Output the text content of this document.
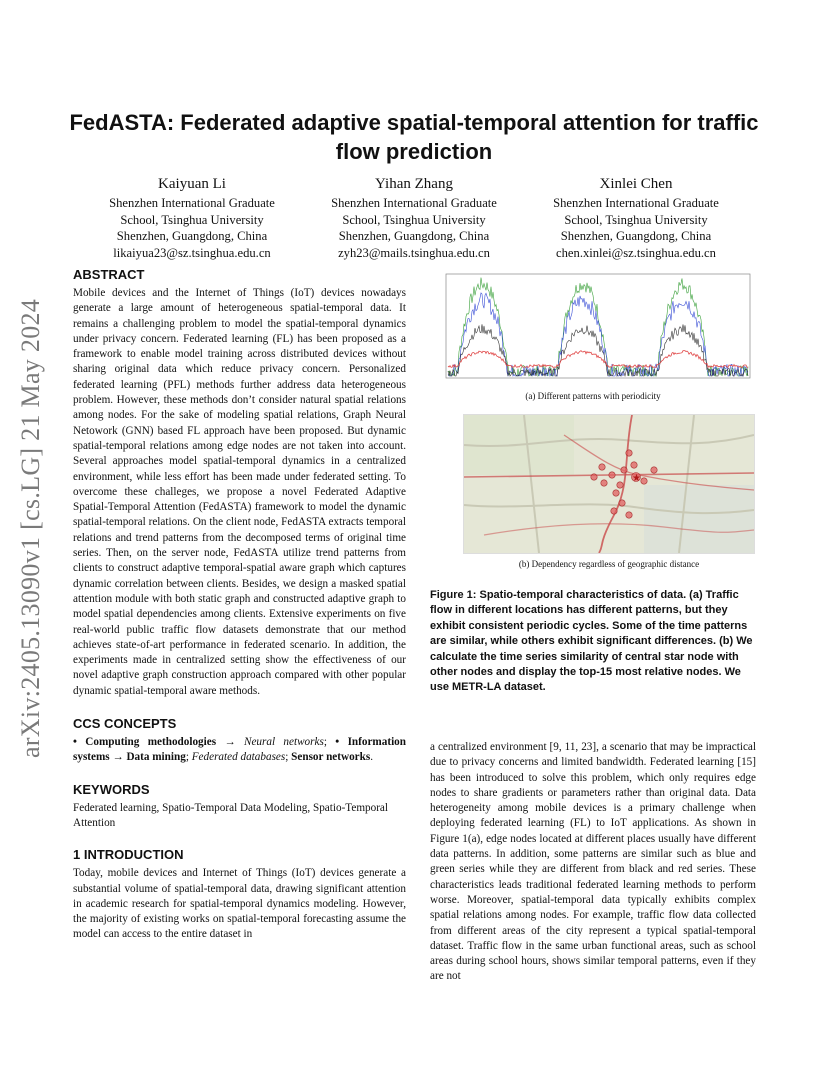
arXiv:2405.13090v1 [cs.LG] 21 May 2024
FedASTA: Federated adaptive spatial-temporal attention for traffic flow prediction
Kaiyuan Li
Shenzhen International Graduate
School, Tsinghua University
Shenzhen, Guangdong, China
likaiyua23@sz.tsinghua.edu.cn
Yihan Zhang
Shenzhen International Graduate
School, Tsinghua University
Shenzhen, Guangdong, China
zyh23@mails.tsinghua.edu.cn
Xinlei Chen
Shenzhen International Graduate
School, Tsinghua University
Shenzhen, Guangdong, China
chen.xinlei@sz.tsinghua.edu.cn
ABSTRACT

Mobile devices and the Internet of Things (IoT) devices nowadays generate a large amount of heterogeneous spatial-temporal data. It remains a challenging problem to model the spatial-temporal dynamics under privacy concern. Federated learning (FL) has been proposed as a framework to enable model training across distributed devices without sharing original data which reduce privacy concern. Personalized federated learning (PFL) methods further address data heterogeneous problem. However, these methods don’t consider natural spatial relations among nodes. For the sake of modeling spatial relations, Graph Neural Netowork (GNN) based FL approach have been proposed. But dynamic spatial-temporal relations among edge nodes are not taken into account. Several approaches model spatial-temporal dynamics in a centralized environment, while less effort has been made under federated setting. To overcome these challeges, we propose a novel Federated Adaptive Spatial-Temporal Attention (FedASTA) framework to model the dynamic spatial-temporal relations. On the client node, FedASTA extracts temporal relations and trend patterns from the decomposed terms of original time series. Then, on the server node, FedASTA utilize trend patterns from clients to construct adaptive temporal-spatial aware graph which captures dynamic correlation between clients. Besides, we design a masked spatial attention module with both static graph and constructed adaptive graph to model spatial dependencies among clients. Extensive experiments on five real-world public traffic flow datasets demonstrate that our method achieves state-of-art performance in federated scenario. In addition, the experiments made in centralized setting show the effectiveness of our novel adaptive graph construction approach compared with other popular dynamic spatial-temporal aware methods.

CCS CONCEPTS

• Computing methodologies → Neural networks; • Information systems → Data mining; Federated databases; Sensor networks.

KEYWORDS

Federated learning, Spatio-Temporal Data Modeling, Spatio-Temporal Attention

1 INTRODUCTION

Today, mobile devices and Internet of Things (IoT) devices generate a substantial volume of spatial-temporal data, drawing significant attention in academic research for spatial-temporal dynamics modeling. However, the majority of existing works on spatial-temporal forecasting assume the model can access to the entire dataset in

(a) Different patterns with periodicity
★
(b) Dependency regardless of geographic distance

Figure 1: Spatio-temporal characteristics of data. (a) Traffic flow in different locations has different patterns, but they exhibit consistent periodic cycles. Some of the time patterns are similar, while others exhibit significant differences. (b) We calculate the time series similarity of central star node with other nodes and display the top-15 most relative nodes. We use METR-LA dataset.

a centralized environment [9, 11, 23], a scenario that may be impractical due to privacy concerns and limited bandwidth. Federated learning [15] has been introduced to solve this problem, which only requires edge nodes to share gradients or parameters rather than original data. Data heterogeneity among mobile devices is a primary challenge when deploying federated learning (FL) to IoT applications. As shown in Figure 1(a), edge nodes located at different places usually have different data patterns. In addition, some patterns are similar such as blue and green series while they are different from black and red series. These characteristics leads traditional federated learning methods to perform worse. Moreover, spatial-temporal data typically exhibits complex spatial relations among nodes. For example, traffic flow data collected from different areas of the city represent a typical spatial-temporal dataset. Traffic flow in the same urban functional areas, such as school areas during school hours, shows similar temporal patterns, even if they are not
